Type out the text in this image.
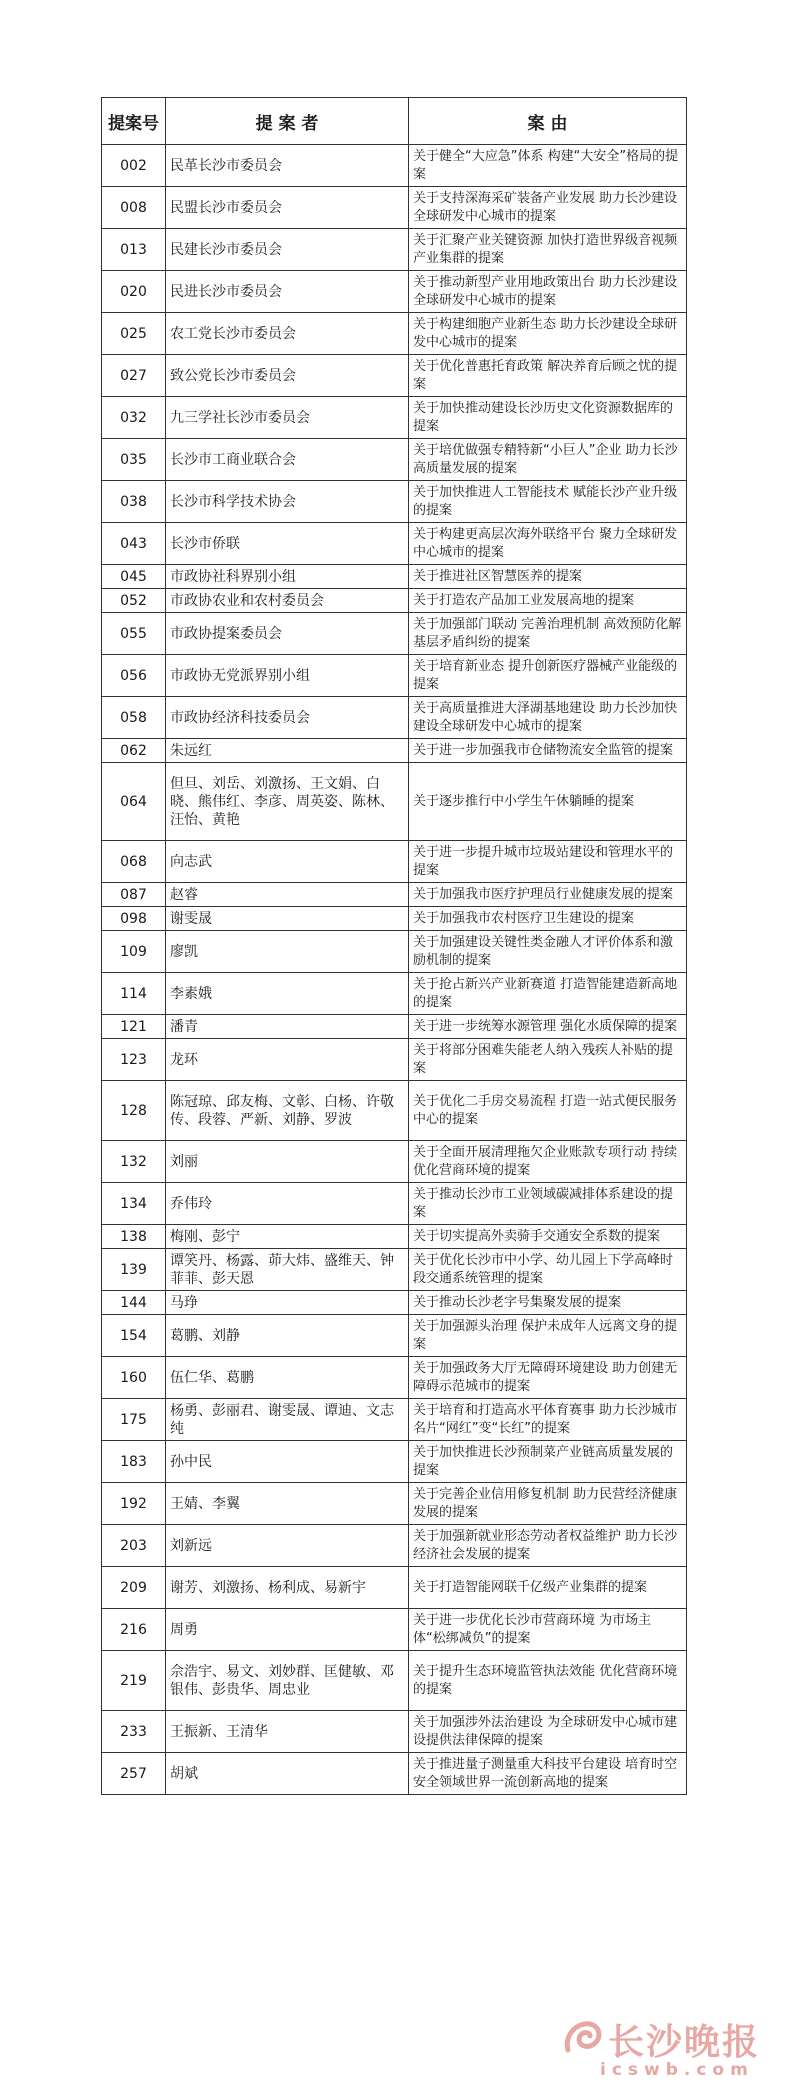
提案号	提 案 者	案 由
002	民革长沙市委员会	关于健全“大应急”体系 构建“大安全”格局的提案
008	民盟长沙市委员会	关于支持深海采矿装备产业发展 助力长沙建设全球研发中心城市的提案
013	民建长沙市委员会	关于汇聚产业关键资源 加快打造世界级音视频产业集群的提案
020	民进长沙市委员会	关于推动新型产业用地政策出台 助力长沙建设全球研发中心城市的提案
025	农工党长沙市委员会	关于构建细胞产业新生态 助力长沙建设全球研发中心城市的提案
027	致公党长沙市委员会	关于优化普惠托育政策 解决养育后顾之忧的提案
032	九三学社长沙市委员会	关于加快推动建设长沙历史文化资源数据库的提案
035	长沙市工商业联合会	关于培优做强专精特新“小巨人”企业 助力长沙高质量发展的提案
038	长沙市科学技术协会	关于加快推进人工智能技术 赋能长沙产业升级的提案
043	长沙市侨联	关于构建更高层次海外联络平台 聚力全球研发中心城市的提案
045	市政协社科界别小组	关于推进社区智慧医养的提案
052	市政协农业和农村委员会	关于打造农产品加工业发展高地的提案
055	市政协提案委员会	关于加强部门联动 完善治理机制 高效预防化解基层矛盾纠纷的提案
056	市政协无党派界别小组	关于培育新业态 提升创新医疗器械产业能级的提案
058	市政协经济科技委员会	关于高质量推进大泽湖基地建设 助力长沙加快建设全球研发中心城市的提案
062	朱远红	关于进一步加强我市仓储物流安全监管的提案
064	但旦、刘岳、刘激扬、王文娟、白晓、熊伟红、李彦、周英姿、陈林、汪怡、黄艳	关于逐步推行中小学生午休躺睡的提案
068	向志武	关于进一步提升城市垃圾站建设和管理水平的提案
087	赵睿	关于加强我市医疗护理员行业健康发展的提案
098	谢雯晟	关于加强我市农村医疗卫生建设的提案
109	廖凯	关于加强建设关键性类金融人才评价体系和激励机制的提案
114	李素娥	关于抢占新兴产业新赛道 打造智能建造新高地的提案
121	潘青	关于进一步统筹水源管理 强化水质保障的提案
123	龙环	关于将部分困难失能老人纳入残疾人补贴的提案
128	陈冠琼、邱友梅、文彰、白杨、许敬传、段蓉、严新、刘静、罗波	关于优化二手房交易流程 打造一站式便民服务中心的提案
132	刘丽	关于全面开展清理拖欠企业账款专项行动 持续优化营商环境的提案
134	乔伟玲	关于推动长沙市工业领域碳减排体系建设的提案
138	梅刚、彭宁	关于切实提高外卖骑手交通安全系数的提案
139	谭笑丹、杨露、茆大炜、盛维天、钟菲菲、彭天恩	关于优化长沙市中小学、幼儿园上下学高峰时段交通系统管理的提案
144	马琤	关于推动长沙老字号集聚发展的提案
154	葛鹏、刘静	关于加强源头治理 保护未成年人远离文身的提案
160	伍仁华、葛鹏	关于加强政务大厅无障碍环境建设 助力创建无障碍示范城市的提案
175	杨勇、彭丽君、谢雯晟、谭迪、文志纯	关于培育和打造高水平体育赛事 助力长沙城市名片“网红”变“长红”的提案
183	孙中民	关于加快推进长沙预制菜产业链高质量发展的提案
192	王婧、李翼	关于完善企业信用修复机制 助力民营经济健康发展的提案
203	刘新远	关于加强新就业形态劳动者权益维护 助力长沙经济社会发展的提案
209	谢芳、刘激扬、杨利成、易新宇	关于打造智能网联千亿级产业集群的提案
216	周勇	关于进一步优化长沙市营商环境 为市场主体“松绑减负”的提案
219	佘浩宇、易文、刘妙群、匡健敏、邓银伟、彭贵华、周忠业	关于提升生态环境监管执法效能 优化营商环境的提案
233	王振新、王清华	关于加强涉外法治建设 为全球研发中心城市建设提供法律保障的提案
257	胡斌	关于推进量子测量重大科技平台建设 培育时空安全领域世界一流创新高地的提案
长沙晚报
icswb.com
